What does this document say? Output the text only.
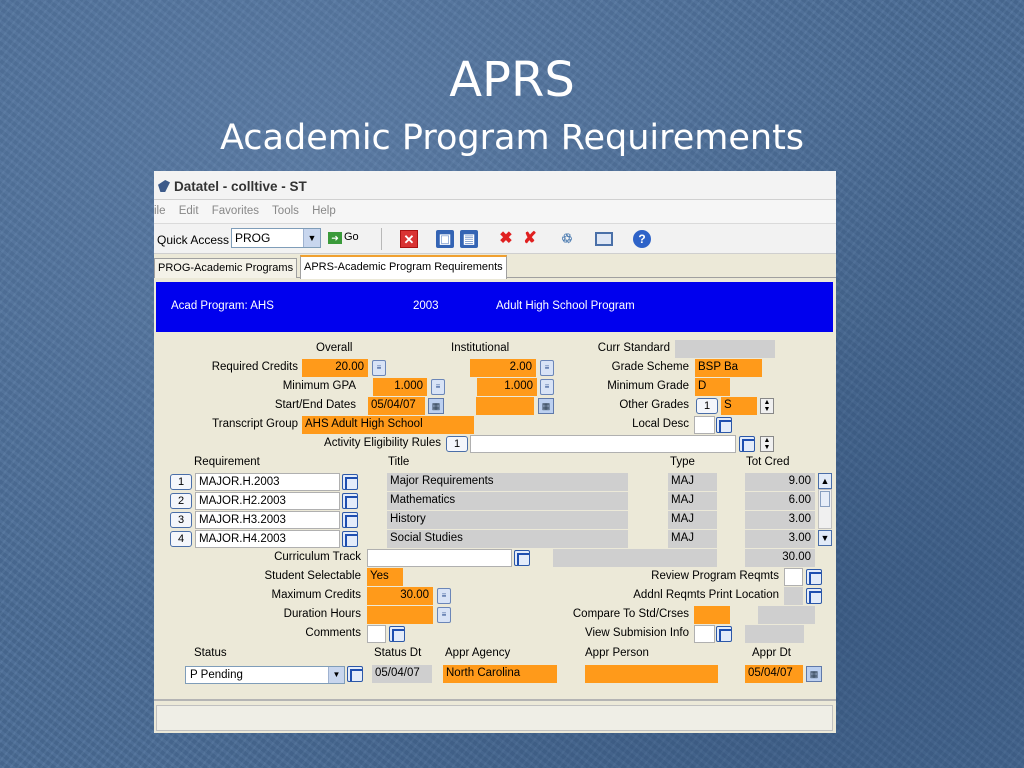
APRS
Academic Program Requirements
Datatel - colltive - ST
ile Edit Favorites Tools Help
Quick Access PROG	▼	➜ Go	✕ ▣ ▤ ✖ ✘ ♲	?
PROG-Academic Programs APRS-Academic Program Requirements
Acad Program: AHS	2003	Adult High School Program
Overall	Institutional
Required Credits	20.00	≡	2.00	≡
Minimum GPA	1.000	≡	1.000	≡
Start/End Dates 05/04/07	▦	▦
Transcript Group AHS Adult High School
Curr Standard
Grade Scheme BSP Ba
Minimum Grade D
Other Grades	1	S	▲
▼
Local Desc
Activity Eligibility Rules	1	▲
▼
Requirement	Title	Type	Tot Cred
1	MAJOR.H.2003	Major Requirements	MAJ	9.00
2	MAJOR.H2.2003	Mathematics	MAJ	6.00
3	MAJOR.H3.2003	History	MAJ	3.00
4	MAJOR.H4.2003	Social Studies	MAJ	3.00
▲
▼
Curriculum Track	30.00
Student Selectable Yes	Review Program Reqmts
Maximum Credits	30.00	≡	Addnl Reqmts Print Location
Duration Hours	≡	Compare To Std/Crses
Comments	View Submision Info
Status	Status Dt Appr Agency	Appr Person	Appr Dt
P Pending	▼	05/04/07	North Carolina	05/04/07	▦
